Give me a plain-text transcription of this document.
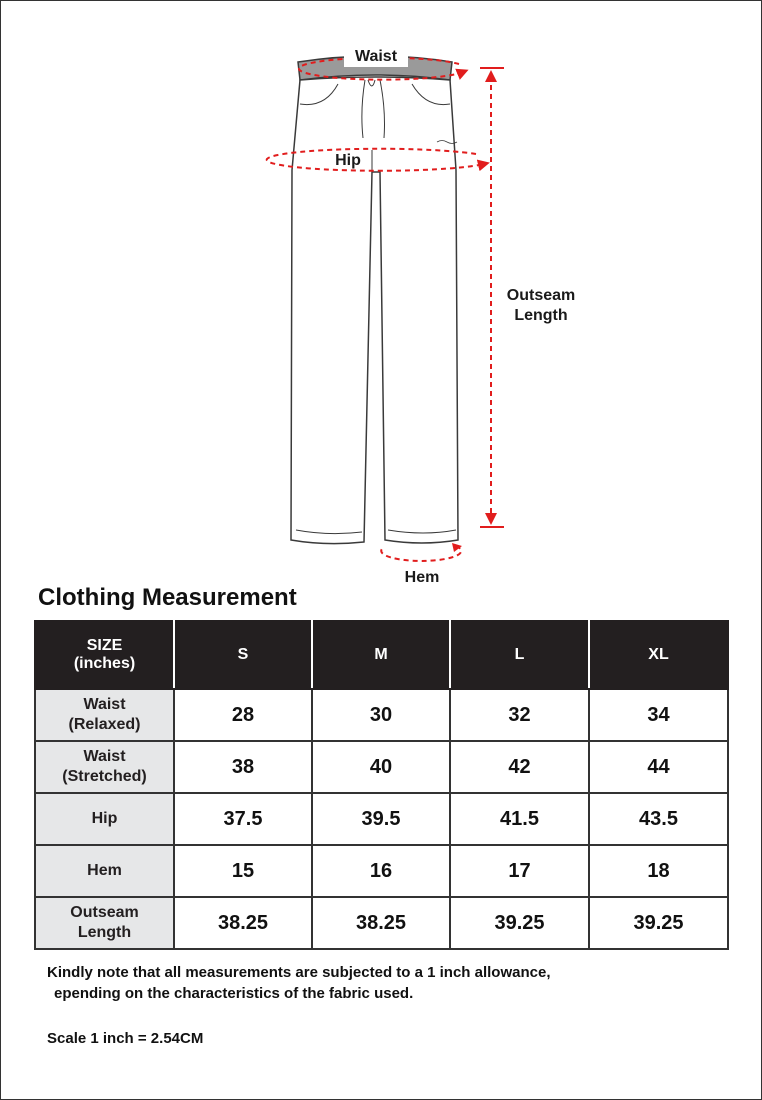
Waist
Hip
Outseam
Length
Hem
Clothing Measurement
SIZE
(inches)	S	M	L	XL
Waist
(Relaxed)	28	30	32	34
Waist
(Stretched)	38	40	42	44
Hip	37.5	39.5	41.5	43.5
Hem	15	16	17	18
Outseam
Length	38.25	38.25	39.25	39.25
Kindly note that all measurements are subjected to a 1 inch allowance,
epending on the characteristics of the fabric used.
Scale 1 inch = 2.54CM
